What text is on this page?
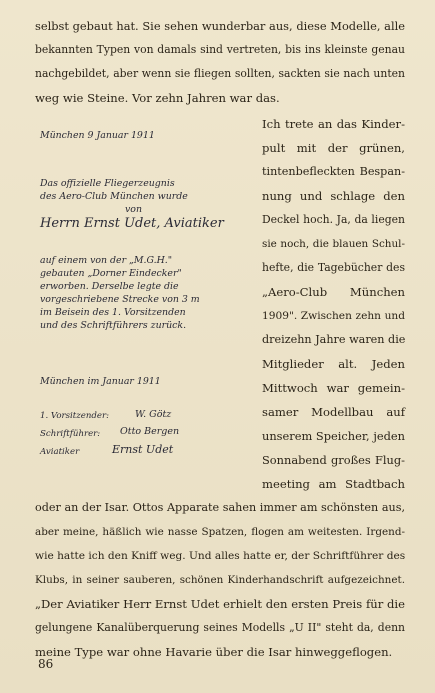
selbst gebaut hat. Sie sehen wunderbar aus, diese Modelle, alle
bekannten Typen von damals sind vertreten, bis ins kleinste genau
nachgebildet, aber wenn sie fliegen sollten, sackten sie nach unten
weg wie Steine. Vor zehn Jahren war das.
München 9 Januar 1911
Das offizielle Fliegerzeugnis
des Aero-Club München wurde
von
Herrn Ernst Udet, Aviatiker
auf einem von der „M.G.H."
gebauten „Dorner Eindecker"
erworben. Derselbe legte die
vorgeschriebene Strecke von 3 m
im Beisein des 1. Vorsitzenden
und des Schriftführers zurück.
München im Januar 1911
1. Vorsitzender:	W. Götz
Schriftführer: Otto Bergen
Aviatiker	Ernst Udet
Ich trete an das Kinder-
pult mit der grünen,
tintenbefleckten Bespan-
nung und schlage den
Deckel hoch. Ja, da liegen
sie noch, die blauen Schul-
hefte, die Tagebücher des
„Aero-Club München
1909". Zwischen zehn und
dreizehn Jahre waren die
Mitglieder alt. Jeden
Mittwoch war gemein-
samer Modellbau auf
unserem Speicher, jeden
Sonnabend großes Flug-
meeting am Stadtbach
oder an der Isar. Ottos Apparate sahen immer am schönsten aus,
aber meine, häßlich wie nasse Spatzen, flogen am weitesten. Irgend-
wie hatte ich den Kniff weg. Und alles hatte er, der Schriftführer des
Klubs, in seiner sauberen, schönen Kinderhandschrift aufgezeichnet.
„Der Aviatiker Herr Ernst Udet erhielt den ersten Preis für die
gelungene Kanalüberquerung seines Modells „U II" steht da, denn
meine Type war ohne Havarie über die Isar hinweggeflogen.
86
